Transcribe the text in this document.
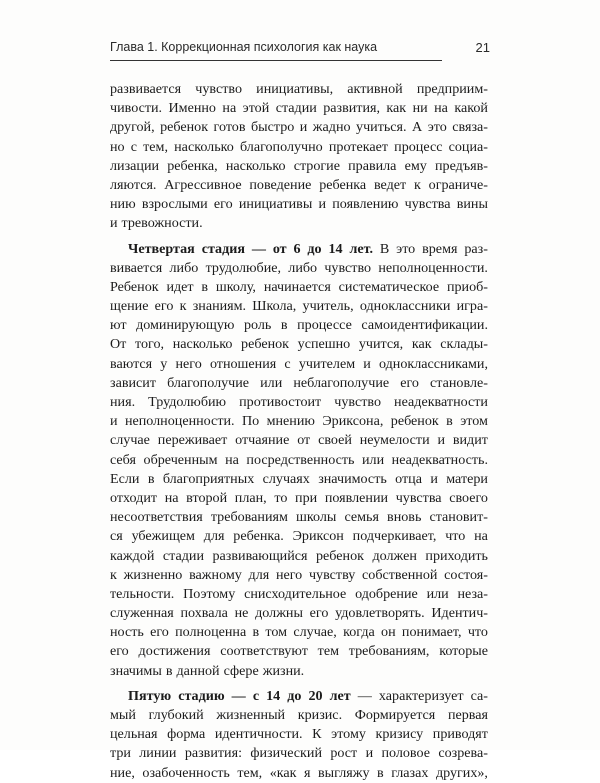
Глава 1. Коррекционная психология как наука	21
развивается чувство инициативы, активной предприим-
чивости. Именно на этой стадии развития, как ни на какой
другой, ребенок готов быстро и жадно учиться. А это связа-
но с тем, насколько благополучно протекает процесс социа-
лизации ребенка, насколько строгие правила ему предъяв-
ляются. Агрессивное поведение ребенка ведет к ограниче-
нию взрослыми его инициативы и появлению чувства вины
и тревожности.
Четвертая стадия — от 6 до 14 лет. В это время раз-
вивается либо трудолюбие, либо чувство неполноценности.
Ребенок идет в школу, начинается систематическое приоб-
щение его к знаниям. Школа, учитель, одноклассники игра-
ют доминирующую роль в процессе самоидентификации.
От того, насколько ребенок успешно учится, как склады-
ваются у него отношения с учителем и одноклассниками,
зависит благополучие или неблагополучие его становле-
ния. Трудолюбию противостоит чувство неадекватности
и неполноценности. По мнению Эриксона, ребенок в этом
случае переживает отчаяние от своей неумелости и видит
себя обреченным на посредственность или неадекватность.
Если в благоприятных случаях значимость отца и матери
отходит на второй план, то при появлении чувства своего
несоответствия требованиям школы семья вновь становит-
ся убежищем для ребенка. Эриксон подчеркивает, что на
каждой стадии развивающийся ребенок должен приходить
к жизненно важному для него чувству собственной состоя-
тельности. Поэтому снисходительное одобрение или неза-
служенная похвала не должны его удовлетворять. Идентич-
ность его полноценна в том случае, когда он понимает, что
его достижения соответствуют тем требованиям, которые
значимы в данной сфере жизни.
Пятую стадию — с 14 до 20 лет — характеризует са-
мый глубокий жизненный кризис. Формируется первая
цельная форма идентичности. К этому кризису приводят
три линии развития: физический рост и половое созрева-
ние, озабоченность тем, «как я выгляжу в глазах других»,
